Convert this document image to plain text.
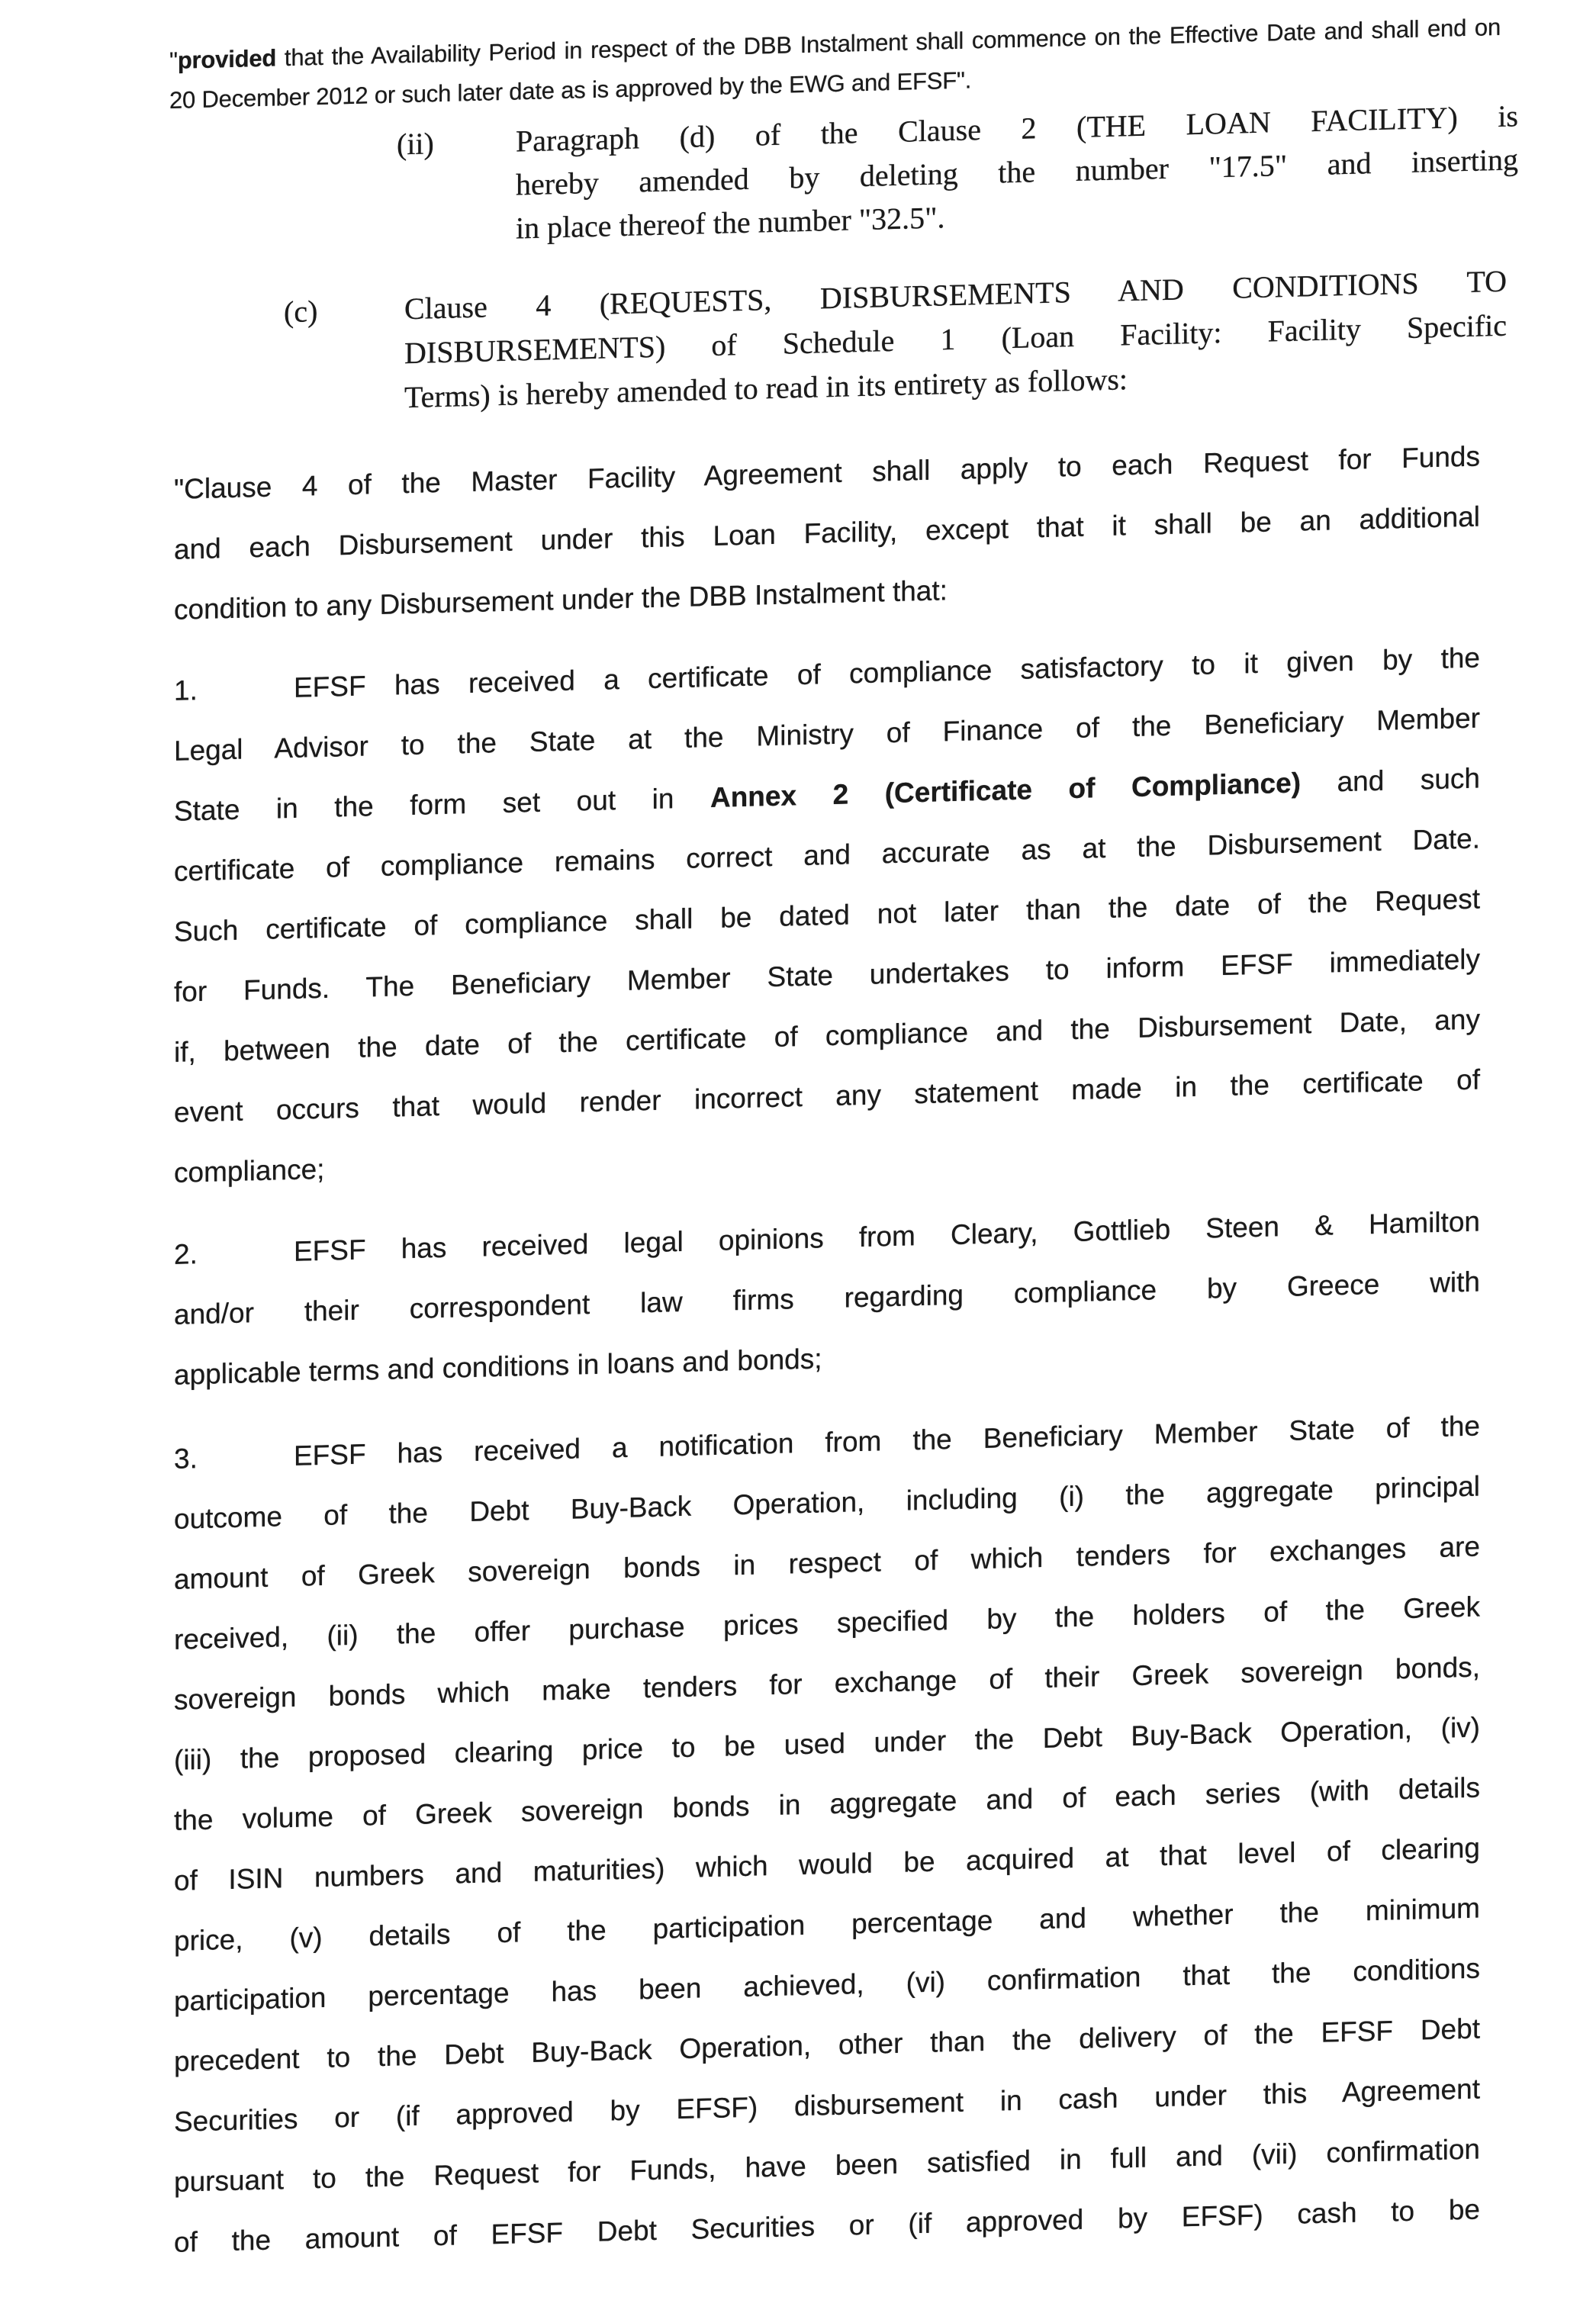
"provided that the Availability Period in respect of the DBB Instalment shall commence on the Effective Date and shall end on
20 December 2012 or such later date as is approved by the EWG and EFSF".
(ii)	Paragraph (d) of the Clause 2 (THE LOAN FACILITY) is
hereby amended by deleting the number "17.5" and inserting
in place thereof the number "32.5".
(c)	Clause 4 (REQUESTS, DISBURSEMENTS AND CONDITIONS TO
DISBURSEMENTS) of Schedule 1 (Loan Facility: Facility Specific
Terms) is hereby amended to read in its entirety as follows:
"Clause 4 of the Master Facility Agreement shall apply to each Request for Funds
and each Disbursement under this Loan Facility, except that it shall be an additional
condition to any Disbursement under the DBB Instalment that:
1.	EFSF has received a certificate of compliance satisfactory to it given by the
Legal Advisor to the State at the Ministry of Finance of the Beneficiary Member
State in the form set out in Annex 2 (Certificate of Compliance) and such
certificate of compliance remains correct and accurate as at the Disbursement Date.
Such certificate of compliance shall be dated not later than the date of the Request
for Funds. The Beneficiary Member State undertakes to inform EFSF immediately
if, between the date of the certificate of compliance and the Disbursement Date, any
event occurs that would render incorrect any statement made in the certificate of
compliance;
2.	EFSF has received legal opinions from Cleary, Gottlieb Steen & Hamilton
and/or their correspondent law firms regarding compliance by Greece with
applicable terms and conditions in loans and bonds;
3.	EFSF has received a notification from the Beneficiary Member State of the
outcome of the Debt Buy-Back Operation, including (i) the aggregate principal
amount of Greek sovereign bonds in respect of which tenders for exchanges are
received, (ii) the offer purchase prices specified by the holders of the Greek
sovereign bonds which make tenders for exchange of their Greek sovereign bonds,
(iii) the proposed clearing price to be used under the Debt Buy-Back Operation, (iv)
the volume of Greek sovereign bonds in aggregate and of each series (with details
of ISIN numbers and maturities) which would be acquired at that level of clearing
price, (v) details of the participation percentage and whether the minimum
participation percentage has been achieved, (vi) confirmation that the conditions
precedent to the Debt Buy-Back Operation, other than the delivery of the EFSF Debt
Securities or (if approved by EFSF) disbursement in cash under this Agreement
pursuant to the Request for Funds, have been satisfied in full and (vii) confirmation
of the amount of EFSF Debt Securities or (if approved by EFSF) cash to be
